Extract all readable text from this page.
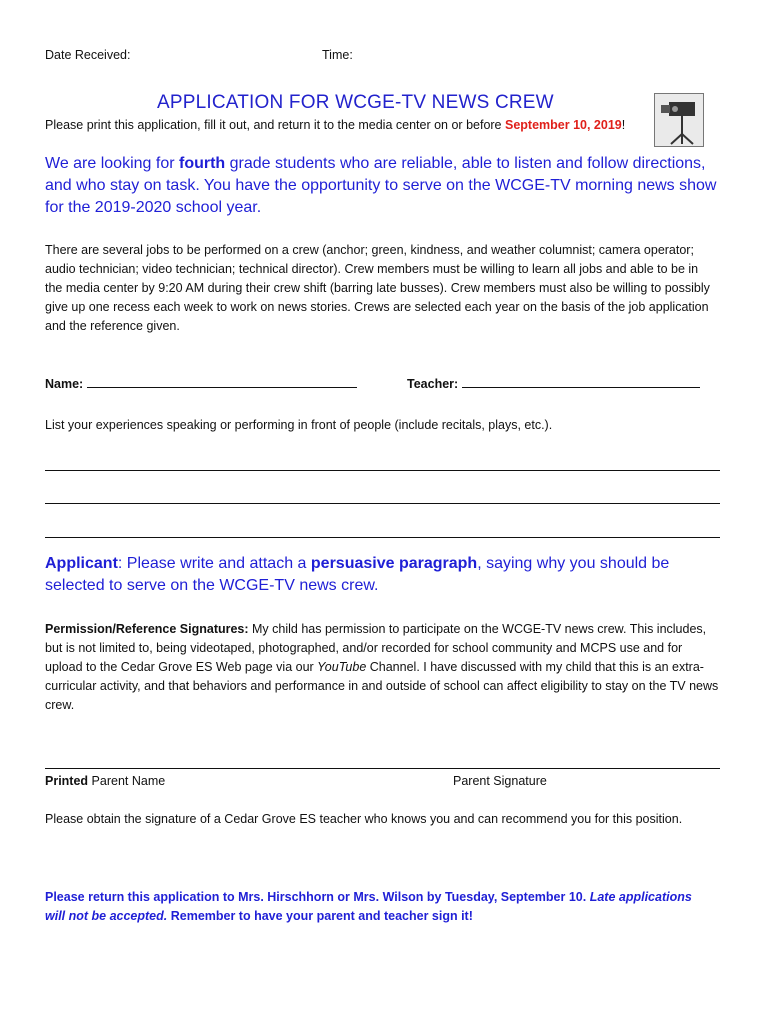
Date Received:	Time:
APPLICATION FOR WCGE-TV NEWS CREW
Please print this application, fill it out, and return it to the media center on or before September 10, 2019!
We are looking for fourth grade students who are reliable, able to listen and follow directions, and who stay on task. You have the opportunity to serve on the WCGE-TV morning news show for the 2019-2020 school year.
There are several jobs to be performed on a crew (anchor; green, kindness, and weather columnist; camera operator; audio technician; video technician; technical director). Crew members must be willing to learn all jobs and able to be in the media center by 9:20 AM during their crew shift (barring late busses). Crew members must also be willing to possibly give up one recess each week to work on news stories. Crews are selected each year on the basis of the job application and the reference given.
Name:	Teacher:
List your experiences speaking or performing in front of people (include recitals, plays, etc.).
Applicant: Please write and attach a persuasive paragraph, saying why you should be selected to serve on the WCGE-TV news crew.
Permission/Reference Signatures: My child has permission to participate on the WCGE-TV news crew. This includes, but is not limited to, being videotaped, photographed, and/or recorded for school community and MCPS use and for upload to the Cedar Grove ES Web page via our YouTube Channel. I have discussed with my child that this is an extra-curricular activity, and that behaviors and performance in and outside of school can affect eligibility to stay on the TV news crew.
Printed Parent Name	Parent Signature
Please obtain the signature of a Cedar Grove ES teacher who knows you and can recommend you for this position.
Please return this application to Mrs. Hirschhorn or Mrs. Wilson by Tuesday, September 10. Late applications will not be accepted. Remember to have your parent and teacher sign it!
